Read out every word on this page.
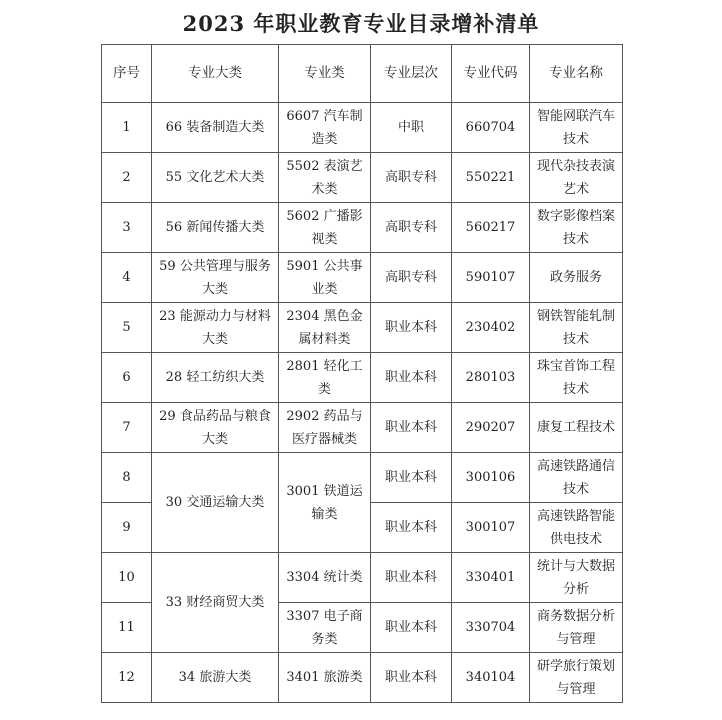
2023 年职业教育专业目录增补清单
序号	专业大类	专业类	专业层次	专业代码	专业名称
1	66 装备制造大类	6607 汽车制造类	中职	660704	智能网联汽车技术
2	55 文化艺术大类	5502 表演艺术类	高职专科	550221	现代杂技表演艺术
3	56 新闻传播大类	5602 广播影视类	高职专科	560217	数字影像档案技术
4	59 公共管理与服务大类	5901 公共事业类	高职专科	590107	政务服务
5	23 能源动力与材料大类	2304 黑色金属材料类	职业本科	230402	钢铁智能轧制技术
6	28 轻工纺织大类	2801 轻化工类	职业本科	280103	珠宝首饰工程技术
7	29 食品药品与粮食大类	2902 药品与医疗器械类	职业本科	290207	康复工程技术
8	30 交通运输大类	3001 铁道运输类	职业本科	300106	高速铁路通信技术
9			职业本科	300107	高速铁路智能供电技术
10	33 财经商贸大类	3304 统计类	职业本科	330401	统计与大数据分析
11		3307 电子商务类	职业本科	330704	商务数据分析与管理
12	34 旅游大类	3401 旅游类	职业本科	340104	研学旅行策划与管理
